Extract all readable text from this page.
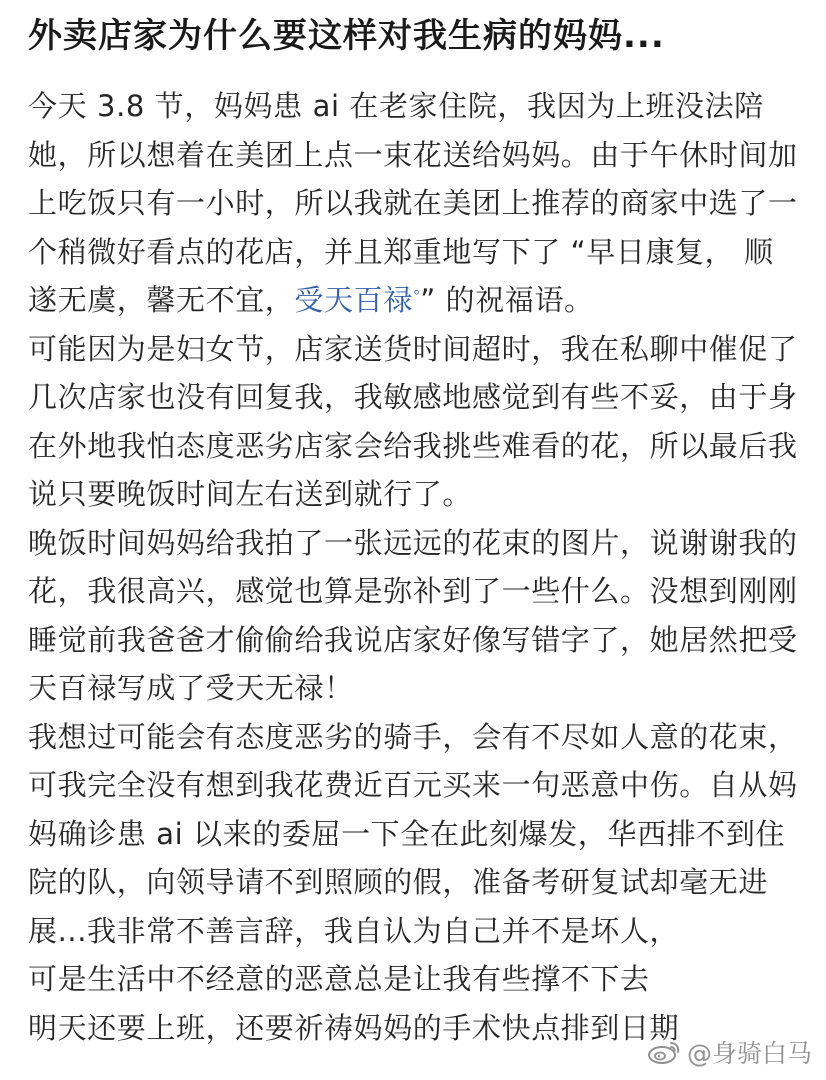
外卖店家为什么要这样对我生病的妈妈...

今天 3.8 节，妈妈患 ai 在老家住院，我因为上班没法陪她，所以想着在美团上点一束花送给妈妈。由于午休时间加上吃饭只有一小时，所以我就在美团上推荐的商家中选了一个稍微好看点的花店，并且郑重地写下了 “早日康复， 顺遂无虞，馨无不宜，受天百禄$^ᵒ$” 的祝福语。

可能因为是妇女节，店家送货时间超时，我在私聊中催促了几次店家也没有回复我，我敏感地感觉到有些不妥，由于身在外地我怕态度恶劣店家会给我挑些难看的花，所以最后我说只要晚饭时间左右送到就行了。

晚饭时间妈妈给我拍了一张远远的花束的图片，说谢谢我的花，我很高兴，感觉也算是弥补到了一些什么。没想到刚刚睡觉前我爸爸才偷偷给我说店家好像写错字了，她居然把受天百禄写成了受天无禄！

我想过可能会有态度恶劣的骑手，会有不尽如人意的花束，可我完全没有想到我花费近百元买来一句恶意中伤。自从妈妈确诊患 ai 以来的委屈一下全在此刻爆发，华西排不到住院的队，向领导请不到照顾的假，准备考研复试却毫无进展...我非常不善言辞，我自认为自己并不是坏人，

可是生活中不经意的恶意总是让我有些撑不下去

明天还要上班，还要祈祷妈妈的手术快点排到日期

@身骑白马
